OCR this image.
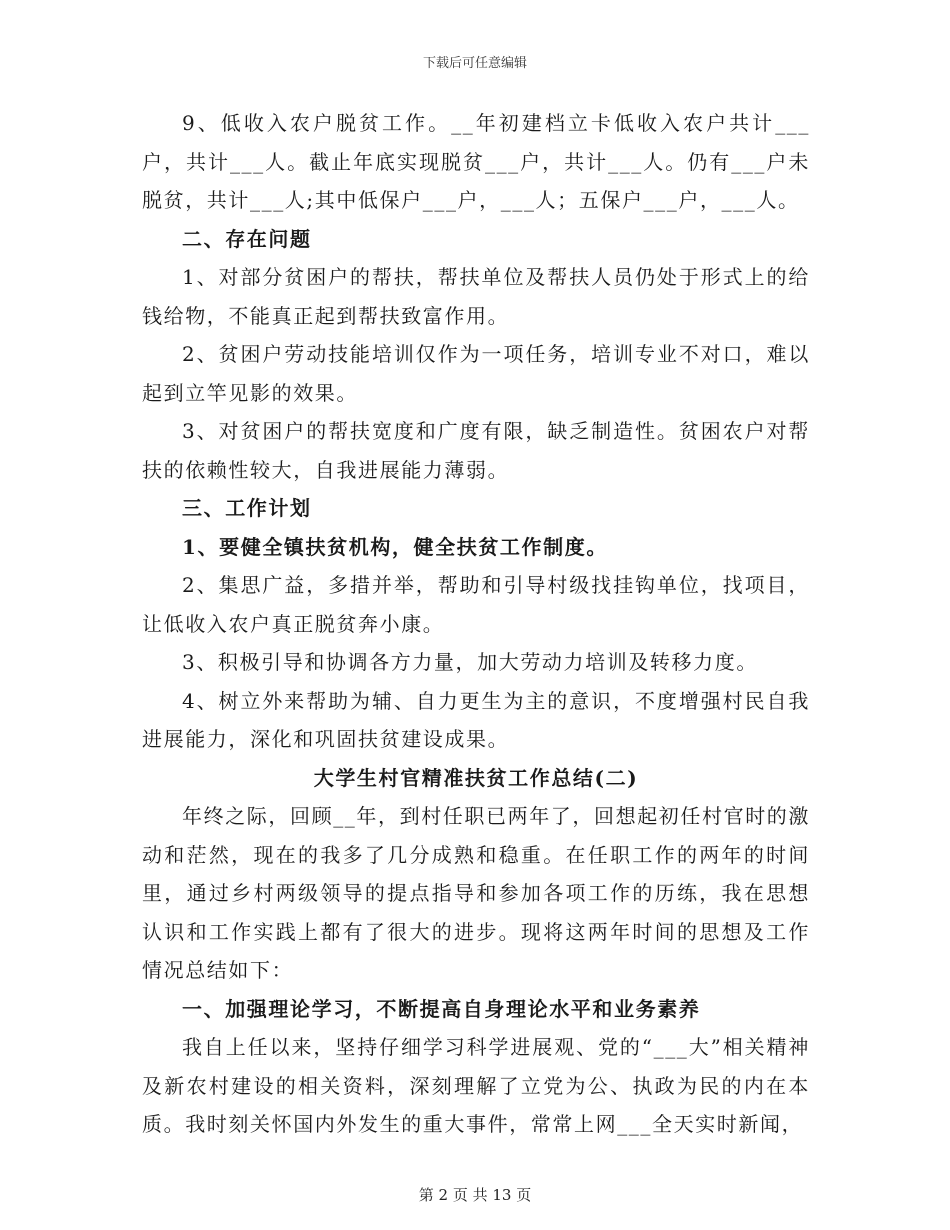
下载后可任意编辑

9、低收入农户脱贫工作。__年初建档立卡低收入农户共计___户，共计___人。截止年底实现脱贫___户，共计___人。仍有___户未脱贫，共计___人;其中低保户___户，___人；五保户___户，___人。

二、存在问题

1、对部分贫困户的帮扶，帮扶单位及帮扶人员仍处于形式上的给钱给物，不能真正起到帮扶致富作用。

2、贫困户劳动技能培训仅作为一项任务，培训专业不对口，难以起到立竿见影的效果。

3、对贫困户的帮扶宽度和广度有限，缺乏制造性。贫困农户对帮扶的依赖性较大，自我进展能力薄弱。

三、工作计划

1、要健全镇扶贫机构，健全扶贫工作制度。

2、集思广益，多措并举，帮助和引导村级找挂钩单位，找项目，让低收入农户真正脱贫奔小康。

3、积极引导和协调各方力量，加大劳动力培训及转移力度。

4、树立外来帮助为辅、自力更生为主的意识，不度增强村民自我进展能力，深化和巩固扶贫建设成果。

大学生村官精准扶贫工作总结(二)

年终之际，回顾__年，到村任职已两年了，回想起初任村官时的激动和茫然，现在的我多了几分成熟和稳重。在任职工作的两年的时间里，通过乡村两级领导的提点指导和参加各项工作的历练，我在思想认识和工作实践上都有了很大的进步。现将这两年时间的思想及工作情况总结如下：

一、加强理论学习，不断提高自身理论水平和业务素养

我自上任以来，坚持仔细学习科学进展观、党的“___大”相关精神及新农村建设的相关资料，深刻理解了立党为公、执政为民的内在本质。我时刻关怀国内外发生的重大事件，常常上网___全天实时新闻，

第 2 页 共 13 页
